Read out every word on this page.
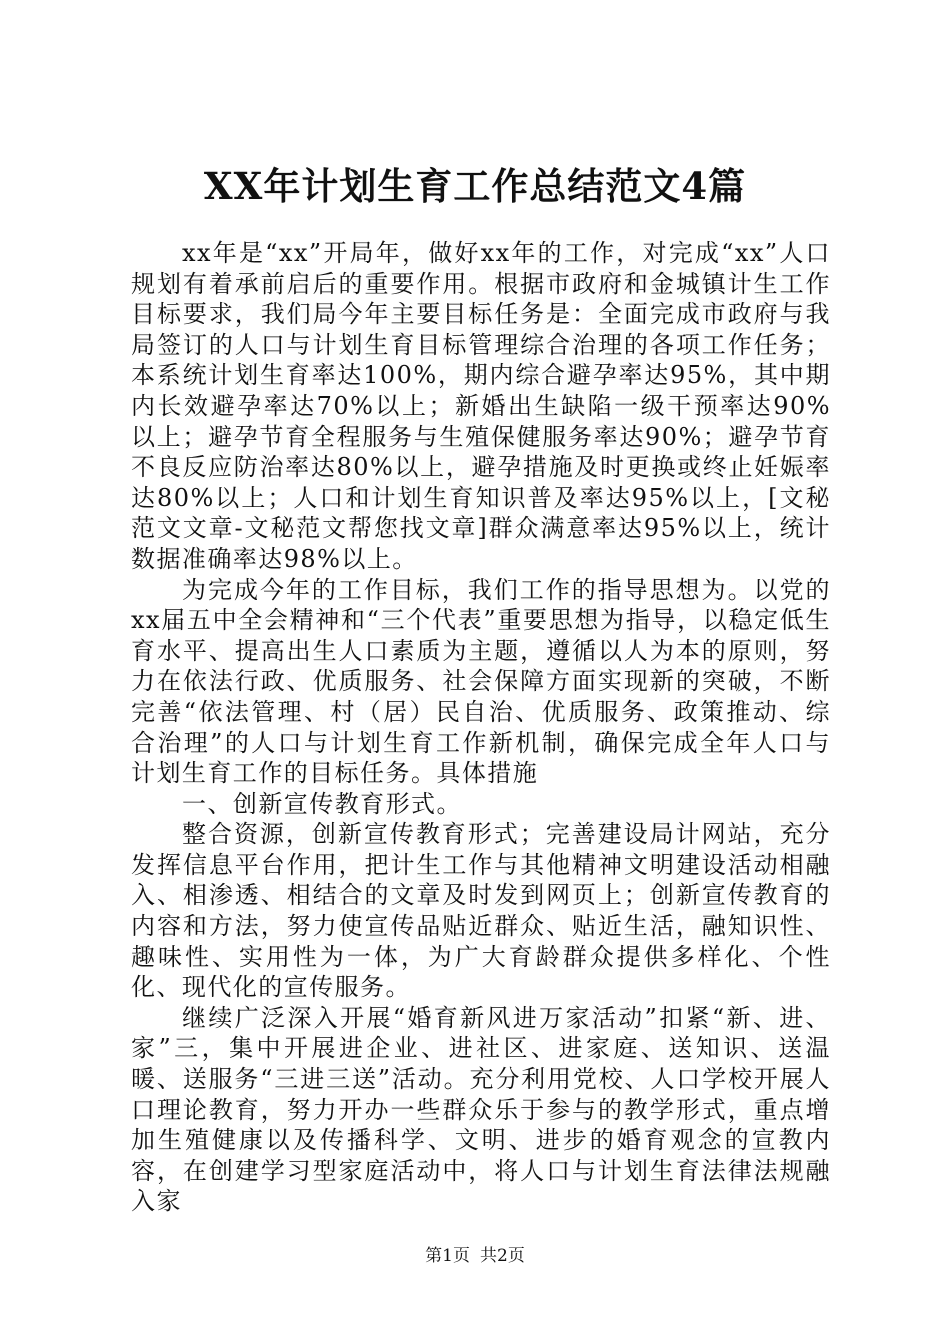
XX年计划生育工作总结范文4篇

xx年是“xx”开局年，做好xx年的工作，对完成“xx”人口规划有着承前启后的重要作用。根据市政府和金城镇计生工作目标要求，我们局今年主要目标任务是：全面完成市政府与我局签订的人口与计划生育目标管理综合治理的各项工作任务；本系统计划生育率达100%，期内综合避孕率达95%，其中期内长效避孕率达70%以上；新婚出生缺陷一级干预率达90%以上；避孕节育全程服务与生殖保健服务率达90%；避孕节育不良反应防治率达80%以上，避孕措施及时更换或终止妊娠率达80%以上；人口和计划生育知识普及率达95%以上，[文秘范文文章-文秘范文帮您找文章]群众满意率达95%以上，统计数据准确率达98%以上。

为完成今年的工作目标，我们工作的指导思想为。以党的xx届五中全会精神和“三个代表”重要思想为指导，以稳定低生育水平、提高出生人口素质为主题，遵循以人为本的原则，努力在依法行政、优质服务、社会保障方面实现新的突破，不断完善“依法管理、村（居）民自治、优质服务、政策推动、综合治理”的人口与计划生育工作新机制，确保完成全年人口与计划生育工作的目标任务。具体措施

一、创新宣传教育形式。

整合资源，创新宣传教育形式；完善建设局计网站，充分发挥信息平台作用，把计生工作与其他精神文明建设活动相融入、相渗透、相结合的文章及时发到网页上；创新宣传教育的内容和方法，努力使宣传品贴近群众、贴近生活，融知识性、趣味性、实用性为一体，为广大育龄群众提供多样化、个性化、现代化的宣传服务。

继续广泛深入开展“婚育新风进万家活动”扣紧“新、进、家”三，集中开展进企业、进社区、进家庭、送知识、送温暖、送服务“三进三送”活动。充分利用党校、人口学校开展人口理论教育，努力开办一些群众乐于参与的教学形式，重点增加生殖健康以及传播科学、文明、进步的婚育观念的宣教内容，在创建学习型家庭活动中，将人口与计划生育法律法规融入家

第1页 共2页
